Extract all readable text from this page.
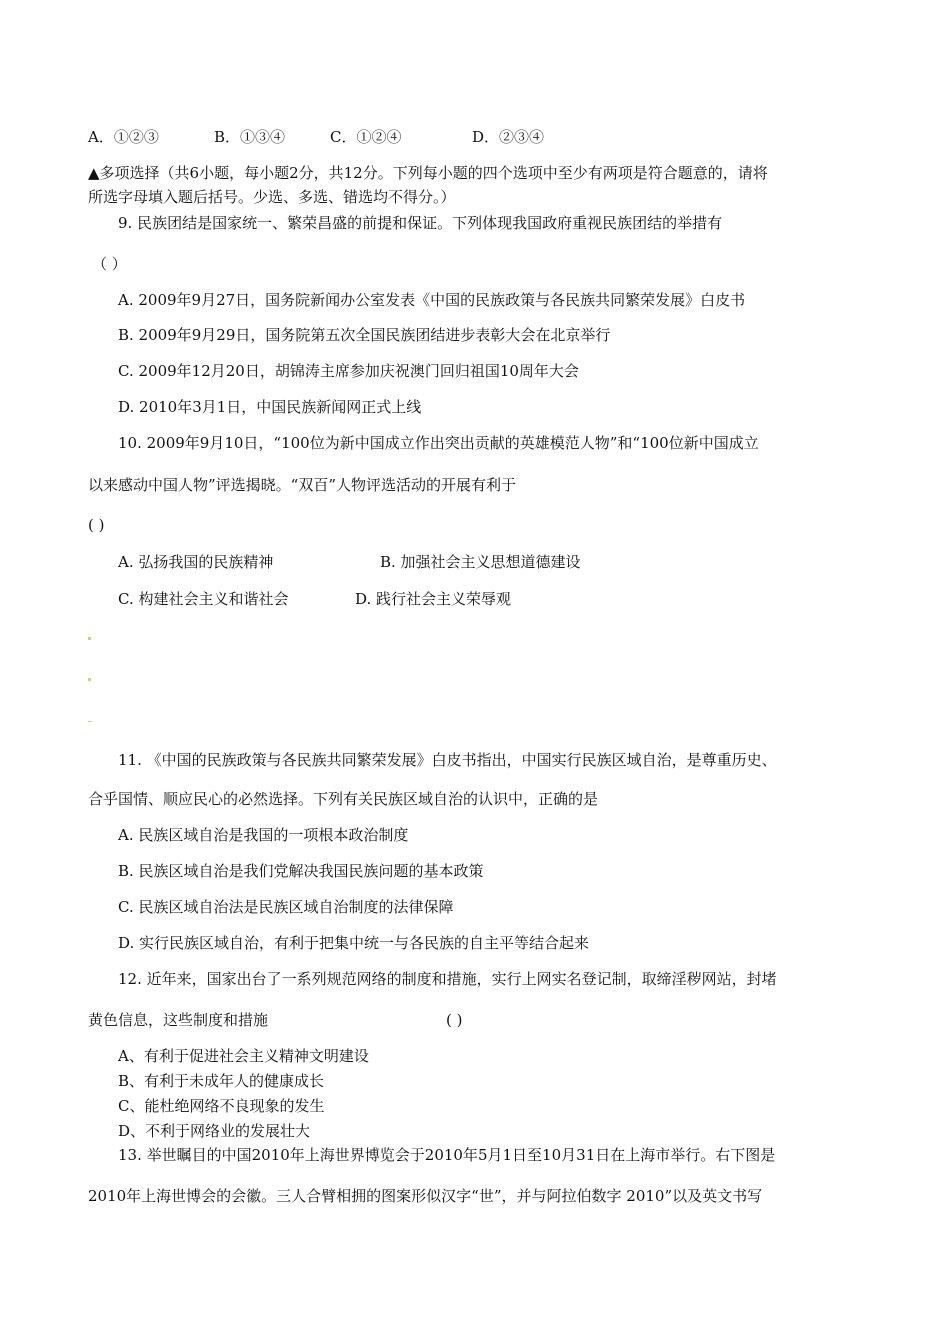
A．①②③	B．①③④	C．①②④	D．②③④
▲多项选择（共6小题，每小题2分，共12分。下列每小题的四个选项中至少有两项是符合题意的，请将
所选字母填入题后括号。少选、多选、错选均不得分。）
9. 民族团结是国家统一、繁荣昌盛的前提和保证。下列体现我国政府重视民族团结的举措有
（ ）
A. 2009年9月27日，国务院新闻办公室发表《中国的民族政策与各民族共同繁荣发展》白皮书
B. 2009年9月29日，国务院第五次全国民族团结进步表彰大会在北京举行
C. 2009年12月20日，胡锦涛主席参加庆祝澳门回归祖国10周年大会
D. 2010年3月1日，中国民族新闻网正式上线
10. 2009年9月10日，“100位为新中国成立作出突出贡献的英雄模范人物”和“100位新中国成立
以来感动中国人物”评选揭晓。“双百”人物评选活动的开展有利于
( )
A. 弘扬我国的民族精神	B. 加强社会主义思想道德建设
C. 构建社会主义和谐社会	D. 践行社会主义荣辱观
11. 《中国的民族政策与各民族共同繁荣发展》白皮书指出，中国实行民族区域自治，是尊重历史、
合乎国情、顺应民心的必然选择。下列有关民族区域自治的认识中，正确的是
A. 民族区域自治是我国的一项根本政治制度
B. 民族区域自治是我们党解决我国民族问题的基本政策
C. 民族区域自治法是民族区域自治制度的法律保障
D. 实行民族区域自治，有利于把集中统一与各民族的自主平等结合起来
12. 近年来，国家出台了一系列规范网络的制度和措施，实行上网实名登记制，取缔淫秽网站，封堵
黄色信息，这些制度和措施	( )
A、有利于促进社会主义精神文明建设
B、有利于未成年人的健康成长
C、能杜绝网络不良现象的发生
D、不利于网络业的发展壮大
13. 举世瞩目的中国2010年上海世界博览会于2010年5月1日至10月31日在上海市举行。右下图是
2010年上海世博会的会徽。三人合臂相拥的图案形似汉字“世”，并与阿拉伯数字 2010”以及英文书写
